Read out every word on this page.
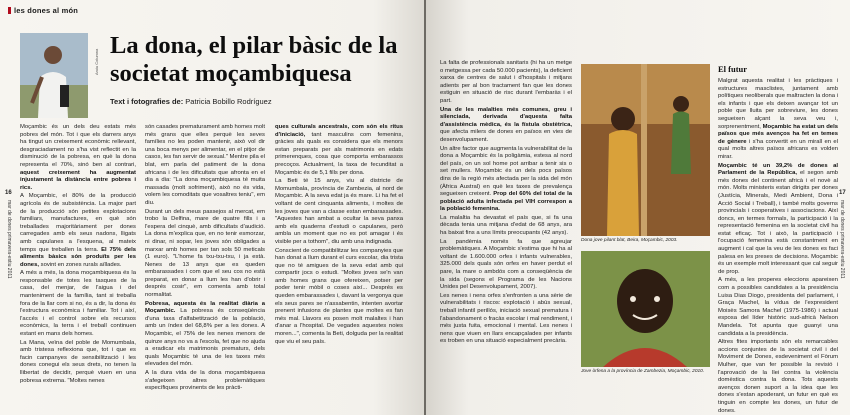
les dones al món
Arxiu Columna
La dona, el pilar bàsic de la societat moçambiquesa
Text i fotografies de: Patricia Bobillo Rodríguez

Moçambic és un dels deu estats més pobres del món. Tot i que els darrers anys ha tingut un creixement econòmic rellevant, desgraciadament no s'ha vist reflectit en la disminució de la pobresa, en què la dona representa el 70%, sinó ben al contrari, aquest creixement ha augmentat injustament la distància entre pobres i rics.

A Moçambic, el 80% de la producció agrícola és de subsistència. La major part de la producció són petites explotacions familiars, manufactures, en què són treballades majoritàriament per dones carregades amb els seus nadons, lligats amb capulanes a l'esquena, al mateix temps que treballen la terra. El 75% dels aliments bàsics són produïts per les dones, sovint en zones rurals aïllades.

A més a més, la dona moçambiquesa és la responsable de totes les tasques de la casa, del menjar, de l'aigua i del manteniment de la família, tant si treballa fora de la llar com si no, és a dir, la dona és l'estructura econòmica i familiar. Tot i així, l'accés i el control sobre els recursos econòmics, la terra i el treball continuen estant en mans dels homes.

La Mana, veïna del poble de Momumbala, amb tristesa reflexiona que, tot i que es facin campanyes de sensibilització i les dones conegui els seus drets, no tenen la llibertat de decidir, perquè viuen en una pobresa extrema. "Moltes nenes

són casades prematurament amb homes molt més grans que elles perquè les seves famílies no les poden mantenir, això vol dir una boca menys per alimentar, en el pitjor de casos, les fan servir de sexual." Mentre pila el blat, em parla del patiment de la dona africana i de les dificultats que afronta en el dia a dia: "La dona moçambiquesa té muita massada (molt sofriment), això no és vida, volem les comoditats que vosaltres teniu", em diu.

Durant un dels meus passejos al mercat, em trobo la Delfina, mare de quatre fills i a l'espera del cinquè, amb dificultats d'audició. La dona m'explica que, en no tenir esmorzar, ni dinar, ni sopar, les joves són obligades a marxar amb homes per tan sols 50 meticals (1 euro). "L'home fa txu-txu-txu, i ja està. Nenes de 13 anys que es queden embarassades i com que el seu cos no està preparat, en donar a llum les han d'obrir i després cosir", em comenta amb total normalitat.

Pobresa, aquesta és la realitat diària a Moçambic. La pobresa és conseqüència d'una taxa d'alfabetització de la població, amb un índex del 68,8% per a les dones. A Moçambic, el 75% de les nenes menors de quinze anys no va a l'escola, fet que no ajuda a eradicar els matrimonis prematurs, dels quals Moçambic té una de les taxes més elevades del món.

A la dura vida de la dona moçambiquesa s'afegeixen altres problemàtiques específiques provinents de les pràcti-

ques culturals ancestrals, com són els ritus d'iniciació, tant masculins com femenins, gràcies als quals es considera que els menors estan preparats per als matrimonis en edats primerenques, cosa que comporta embarassos precoços. Actualment, la taxa de fecunditat a Moçambic és de 5,1 fills per dona.

La Beti té 15 anys, viu al districte de Momumbala, província de Zambezia, al nord de Moçambic. A la seva edat ja és mare. Li ha fet el voltant de cent cinquanta aliments, i moltes de les joves que van a classe estan embarassades. "Aquestes han ambat a ocultar la seva panxa amb els quaderns d'estudi o capulanes, però ambla un moment que no es pot amagar i és visible per a tothom", diu amb una indignada.

Conscient de compatibilitzar les companyies que han donat a llum durant el curs escolar, dia trista que no té amigues de la seva edat amb qui compartir jocs o estudi. "Moltes joves se'n van amb homes grans que ofereixen, potser per poder tenir mòbil o coses així... Després es queden embarassades i, davant la vergonya que els seus pares se n'assabentin, intenten avortar prenent infusions de plantes que moltes es fan més mal. Llavors es posen molt malaltes i han d'anar a l'hospital. De vegades aquestes noies moren...", comenta la Beti, dolguda per la realitat que viu el seu país.

mar de dones primavera-estiu 2011
16

La falta de professionals sanitaris (hi ha un metge o metgessa per cada 50.000 pacients), la deficient xarxa de centres de salut i d'hospitals i mitjans adients per al bon tractament fan que les dones estiguin en situació de risc durant l'embaràs i el part.

Una de les malalties més comunes, greu i silenciada, derivada d'aquesta falta d'assistència mèdica, és la fístula obstètrica, que afecta milers de dones en països en vies de desenvolupament.

Un altre factor que augmenta la vulnerabilitat de la dona a Moçambic és la poligàmia, estesa al nord del país, on un sol home pot arribar a tenir sis o set mullers. Moçambic és un dels pocs països dins de la regió més afectada per la sida del món (Àfrica Austral) en què les taxes de prevalença segueixen creixent. Prop del 60% del total de la població adulta infectada pel VIH correspon a la població femenina.

La malaltia ha devastat el país que, si fa una dècada tenia una mitjana d'edat de 68 anys, ara ha baixat fins a uns límits preocupants (42 anys).

La pandèmia només fa que agreujar problemàtiques. A Moçambic s'estima que hi ha al voltant de 1.600.000 orfes i infants vulnerables, 325.000 dels quals són orfes en haver perdut el pare, la mare o ambdós com a conseqüència de la sida (segons el Programa de les Nacions Unides pel Desenvolupament, 2007).

Les nenes i nens orfes s'enfronten a una sèrie de vulnerabilitats i riscos: explotació i abús sexual, treball infantil perillós, iniciació sexual prematura i l'abandonament o fracàs escolar i mal rendiment, i més justa fuita, emocional i mental. Les nenes i nens que viuen en llars encapçalades per infants es troben en una situació especialment precària.

Dona jove pilant blat, Beira, Moçambic, 2003.
Jove òrfena a la província de Zambezia, Moçambic, 2010.
El futur

Malgrat aquesta realitat i les pràctiques i estructures masclistes, juntament amb polítiques neoliberals que maltracten la dona i els infants i que els deixen avançar tot un poble que lluita per sobreviure, les dones segueixen alçant la seva veu i, sorprenentment, Moçambic ha estat un dels països que més avenços ha fet en temes de gènere i s'ha convertit en un mirall en el qual molts altres països africans es volden mirar.

Moçambic té un 39,2% de dones al Parlament de la República, el segon amb més dones del continent africà i el novè al món. Molts ministeris estan dirigits per dones (Justícia, Minerals, Medi Ambient, Dona i Acció Social i Treball), i també molts governs provincials i cooperatives i associacions. Així doncs, en termes formals, la participació i la representació femenina en la societat civil ha estat eficaç. Tot i això, la participació i l'ocupació femenina està constantment en augment i cal que la veu de les dones es faci palesa en les preses de decisions. Moçambic és un exemple molt interessant que cal seguir de prop.

A més, a les properes eleccions apareixen com a possibles candidates a la presidència Luisa Dias Diogo, presidenta del parlament, i Graça Machel, la vídua de l'expresident Moisès Samora Machel (1975-1986) i actual esposa del líder històric sud-africà Nelson Mandela. Tot apunta que guanyi una candidata a la presidència.

Altres fites importants són els remarcables accions conjuntes de la societat civil i del Moviment de Dones, esdeveniment el Fòrum Mulher, que van fer possible la revisió i l'aprovació de la llei contra la violència domèstica contra la dona. Tots aquests avenços donen suport a la idea que les dones s'estan apoderant, un futur en què es tinguin en compte les dones, un futur de dones.

mar de dones primavera-estiu 2011
17
